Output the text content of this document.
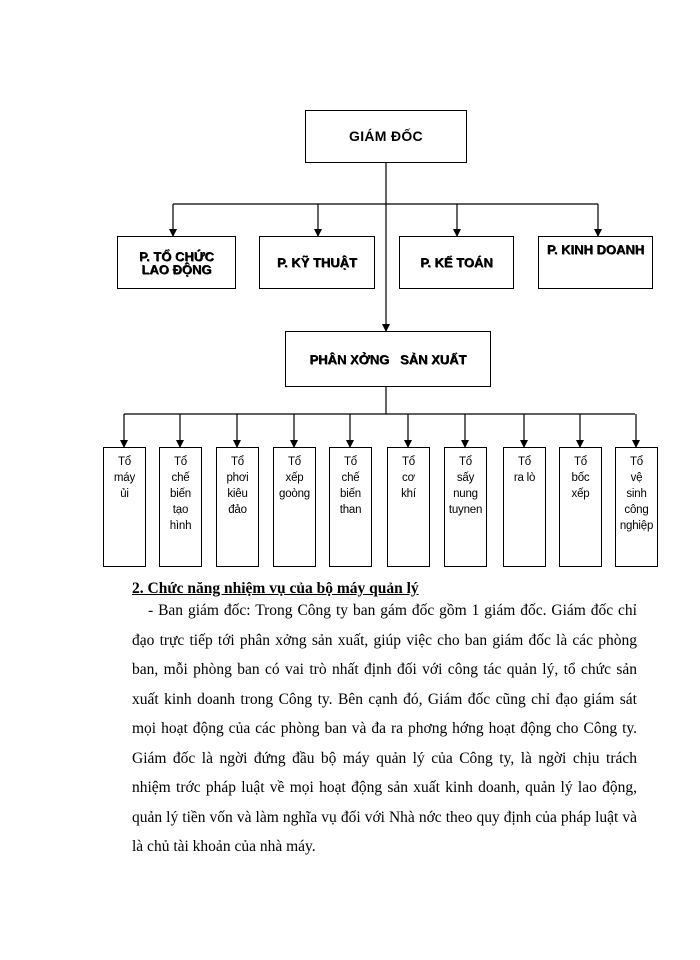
GIÁM ĐỐC
P. TỔ CHỨC LAO ĐỘNG	P. KỸ THUẬT	P. KẾ TOÁN
P. KINH DOANH
PHÂN XỞNG   SẢN XUẤT
Tổ
máy
ủi
Tổ
chế
biến
tạo
hình
Tổ
phơi
kiêu
đảo
Tổ
xếp
goòng
Tổ
chế
biến
than
Tổ
cơ
khí
Tổ
sấy
nung
tuynen
Tổ
ra lò
Tổ
bốc
xếp
Tổ
vệ
sinh
công
nghiệp
2. Chức năng nhiệm vụ của bộ máy quản lý

- Ban giám đốc: Trong Công ty ban gám đốc gồm 1 giám đốc. Giám đốc chỉ đạo trực tiếp tới phân xởng sản xuất, giúp việc cho ban giám đốc là các phòng ban, mỗi phòng ban có vai trò nhất định đối với công tác quản lý, tổ chức sản xuất kinh doanh trong Công ty. Bên cạnh đó, Giám đốc cũng chỉ đạo giám sát mọi hoạt động của các phòng ban và đa ra phơng hớng hoạt động cho Công ty. Giám đốc là ngời đứng đầu bộ máy quản lý của Công ty, là ngời chịu trách nhiệm trớc pháp luật về mọi hoạt động sản xuất kinh doanh, quản lý lao động, quản lý tiền vốn và làm nghĩa vụ đối với Nhà nớc theo quy định của pháp luật và là chủ tài khoản của nhà máy.
